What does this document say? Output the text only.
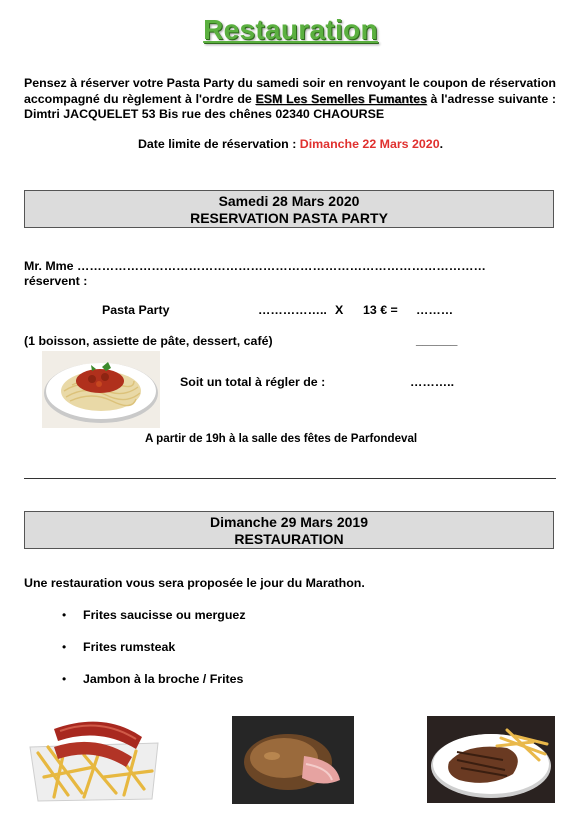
Restauration
Pensez à réserver votre Pasta Party du samedi soir en renvoyant le coupon de réservation accompagné du règlement à l'ordre de ESM Les Semelles Fumantes à l'adresse suivante : Dimtri JACQUELET 53 Bis rue des chênes 02340 CHAOURSE
Date limite de réservation : Dimanche 22 Mars 2020.
Samedi 28 Mars 2020
RESERVATION PASTA PARTY
Mr. Mme ………………………………………………………………………………………
réservent :
Pasta Party	…………….. X 13 € = ………
(1 boisson, assiette de pâte, dessert, café)	______
Soit un total à régler de :	………..
A partir de 19h à la salle des fêtes de Parfondeval
Dimanche 29 Mars 2019
RESTAURATION
Une restauration vous sera proposée le jour du Marathon.
• Frites saucisse ou merguez
• Frites rumsteak
• Jambon à la broche / Frites
